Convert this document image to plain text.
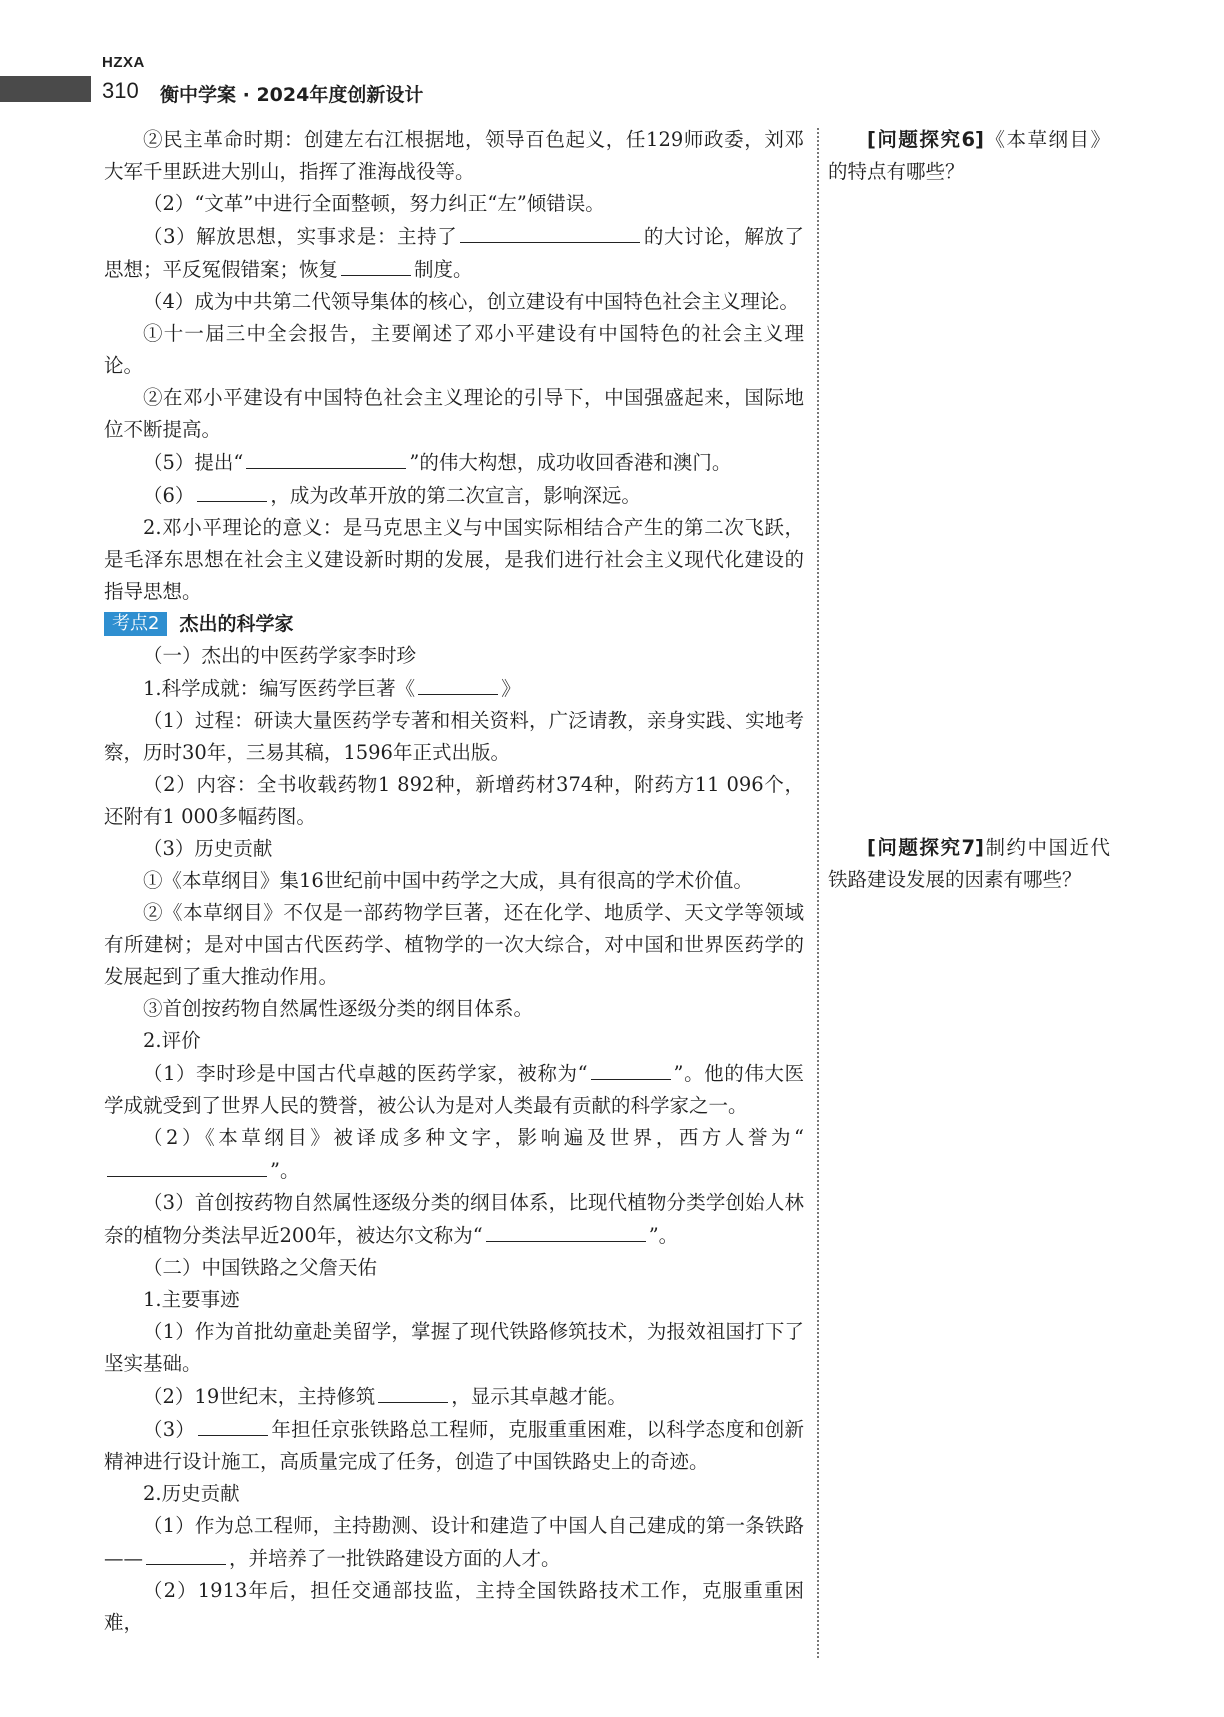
HZXA
310 衡中学案 · 2024年度创新设计

②民主革命时期：创建左右江根据地，领导百色起义，任129师政委，刘邓大军千里跃进大别山，指挥了淮海战役等。

（2）“文革”中进行全面整顿，努力纠正“左”倾错误。

（3）解放思想，实事求是：主持了	的大讨论，解放了思想；平反冤假错案；恢复	制度。

（4）成为中共第二代领导集体的核心，创立建设有中国特色社会主义理论。

①十一届三中全会报告，主要阐述了邓小平建设有中国特色的社会主义理论。

②在邓小平建设有中国特色社会主义理论的引导下，中国强盛起来，国际地位不断提高。

（5）提出“	”的伟大构想，成功收回香港和澳门。

（6）	，成为改革开放的第二次宣言，影响深远。

2.邓小平理论的意义：是马克思主义与中国实际相结合产生的第二次飞跃，是毛泽东思想在社会主义建设新时期的发展，是我们进行社会主义现代化建设的指导思想。

考点2	杰出的科学家

（一）杰出的中医药学家李时珍

1.科学成就：编写医药学巨著《	》

（1）过程：研读大量医药学专著和相关资料，广泛请教，亲身实践、实地考察，历时30年，三易其稿，1596年正式出版。

（2）内容：全书收载药物1 892种，新增药材374种，附药方11 096个，还附有1 000多幅药图。

（3）历史贡献

①《本草纲目》集16世纪前中国中药学之大成，具有很高的学术价值。

②《本草纲目》不仅是一部药物学巨著，还在化学、地质学、天文学等领域有所建树；是对中国古代医药学、植物学的一次大综合，对中国和世界医药学的发展起到了重大推动作用。

③首创按药物自然属性逐级分类的纲目体系。

2.评价

（1）李时珍是中国古代卓越的医药学家，被称为“	”。他的伟大医学成就受到了世界人民的赞誉，被公认为是对人类最有贡献的科学家之一。

（2）《本草纲目》被译成多种文字，影响遍及世界，西方人誉为“”。

（3）首创按药物自然属性逐级分类的纲目体系，比现代植物分类学创始人林奈的植物分类法早近200年，被达尔文称为“	”。

（二）中国铁路之父詹天佑

1.主要事迹

（1）作为首批幼童赴美留学，掌握了现代铁路修筑技术，为报效祖国打下了坚实基础。

（2）19世纪末，主持修筑	，显示其卓越才能。

（3）	年担任京张铁路总工程师，克服重重困难，以科学态度和创新精神进行设计施工，高质量完成了任务，创造了中国铁路史上的奇迹。

2.历史贡献

（1）作为总工程师，主持勘测、设计和建造了中国人自己建成的第一条铁路——	，并培养了一批铁路建设方面的人才。

（2）1913年后，担任交通部技监，主持全国铁路技术工作，克服重重困难，

[问题探究6]《本草纲目》的特点有哪些？

[问题探究7]制约中国近代铁路建设发展的因素有哪些？
